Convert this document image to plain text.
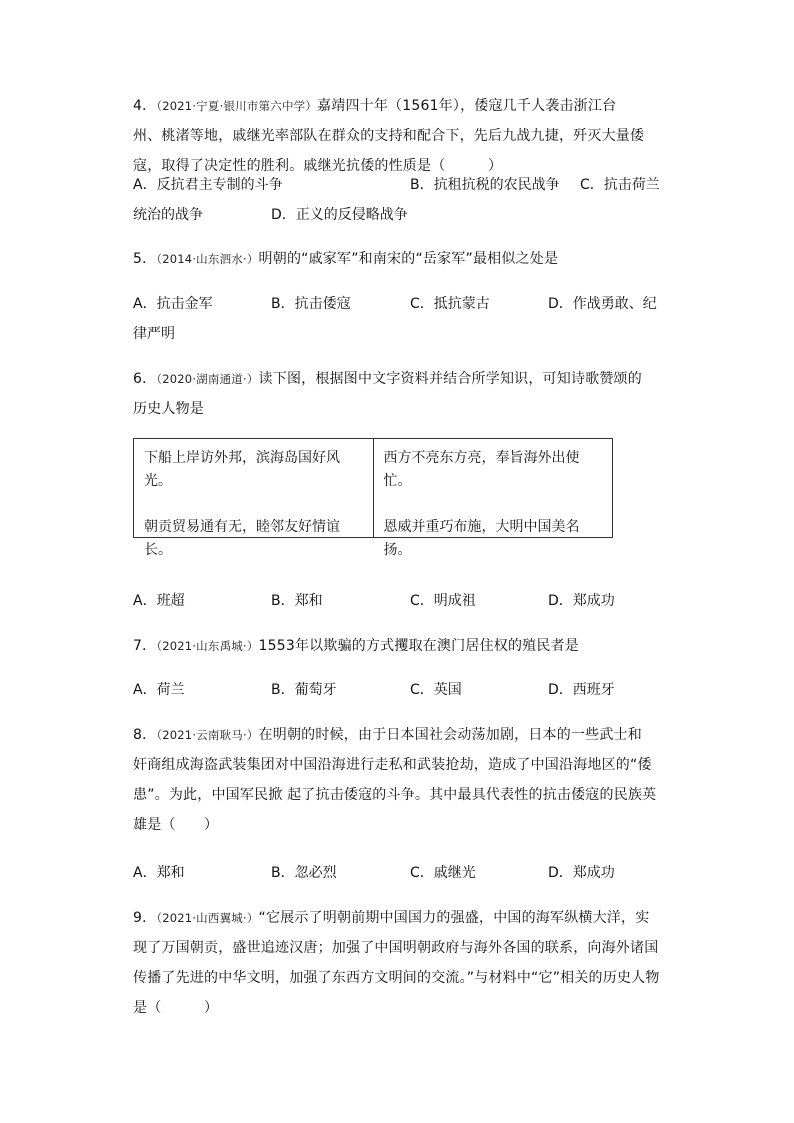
4．（2021·宁夏·银川市第六中学）嘉靖四十年（1561年），倭寇几千人袭击浙江台

州、桃渚等地，戚继光率部队在群众的支持和配合下，先后九战九捷，歼灭大量倭

寇，取得了决定性的胜利。戚继光抗倭的性质是（　　　）

A．反抗君主专制的斗争	B．抗租抗税的农民战争 C．抗击荷兰
统治的战争	D．正义的反侵略战争

5．（2014·山东泗水·）明朝的“戚家军”和南宋的“岳家军”最相似之处是

A．抗击金军	B．抗击倭寇	C．抵抗蒙古	D．作战勇敢、纪
律严明

6．（2020·湖南通道·）读下图，根据图中文字资料并结合所学知识，可知诗歌赞颂的

历史人物是

下船上岸访外邦，滨海岛国好风光。
朝贡贸易通有无，睦邻友好情谊长。
西方不亮东方亮，奉旨海外出使忙。
恩威并重巧布施，大明中国美名扬。
A．班超	B．郑和	C．明成祖	D．郑成功

7．（2021·山东禹城·）1553年以欺骗的方式攫取在澳门居住权的殖民者是

A．荷兰	B．葡萄牙	C．英国	D．西班牙

8．（2021·云南耿马·）在明朝的时候，由于日本国社会动荡加剧，日本的一些武士和

奸商组成海盗武装集团对中国沿海进行走私和武装抢劫，造成了中国沿海地区的“倭

患”。为此，中国军民掀 起了抗击倭寇的斗争。其中最具代表性的抗击倭寇的民族英

雄是（　　）

A．郑和	B．忽必烈	C．戚继光	D．郑成功

9．（2021·山西翼城·）“它展示了明朝前期中国国力的强盛，中国的海军纵横大洋，实

现了万国朝贡，盛世追迹汉唐；加强了中国明朝政府与海外各国的联系，向海外诸国

传播了先进的中华文明，加强了东西方文明间的交流。”与材料中“它”相关的历史人物

是（　　　）
